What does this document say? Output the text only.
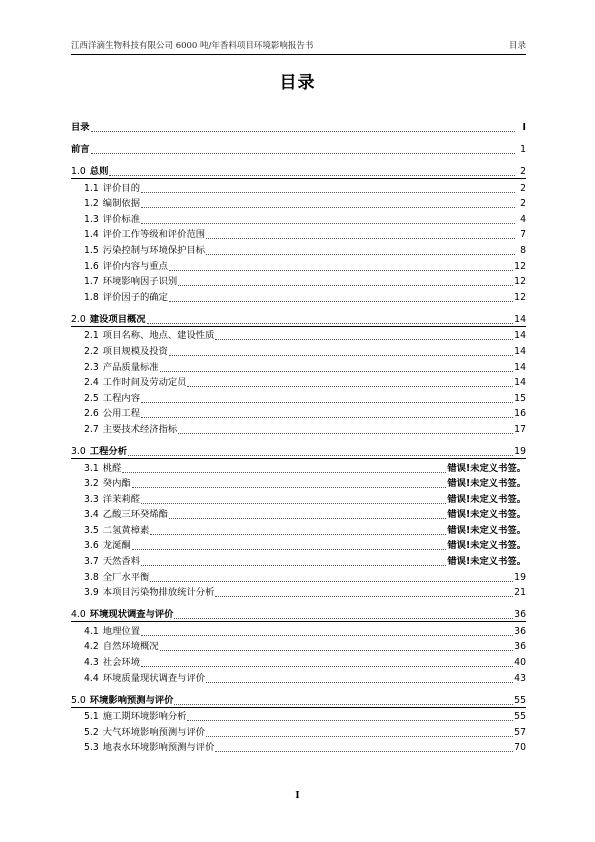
江西洋滴生物科技有限公司 6000 吨/年香料项目环境影响报告书	目录
目录
目录	I
前言	1
1.0 总则	2
1.1 评价目的	2
1.2 编制依据	2
1.3 评价标准	4
1.4 评价工作等级和评价范围	7
1.5 污染控制与环境保护目标	8
1.6 评价内容与重点	12
1.7 环境影响因子识别	12
1.8 评价因子的确定	12
2.0 建设项目概况	14
2.1 项目名称、地点、建设性质	14
2.2 项目规模及投资	14
2.3 产品质量标准	14
2.4 工作时间及劳动定员	14
2.5 工程内容	15
2.6 公用工程	16
2.7 主要技术经济指标	17
3.0 工程分析	19
3.1 桃醛	错误!未定义书签。
3.2 癸内酯	错误!未定义书签。
3.3 洋茉莉醛	错误!未定义书签。
3.4 乙酸三环癸烯酯	错误!未定义书签。
3.5 二氢黄樟素	错误!未定义书签。
3.6 龙涎酮	错误!未定义书签。
3.7 天然香料	错误!未定义书签。
3.8 全厂水平衡	19
3.9 本项目污染物排放统计分析	21
4.0 环境现状调查与评价	36
4.1 地理位置	36
4.2 自然环境概况	36
4.3 社会环境	40
4.4 环境质量现状调查与评价	43
5.0 环境影响预测与评价	55
5.1 施工期环境影响分析	55
5.2 大气环境影响预测与评价	57
5.3 地表水环境影响预测与评价	70
I
